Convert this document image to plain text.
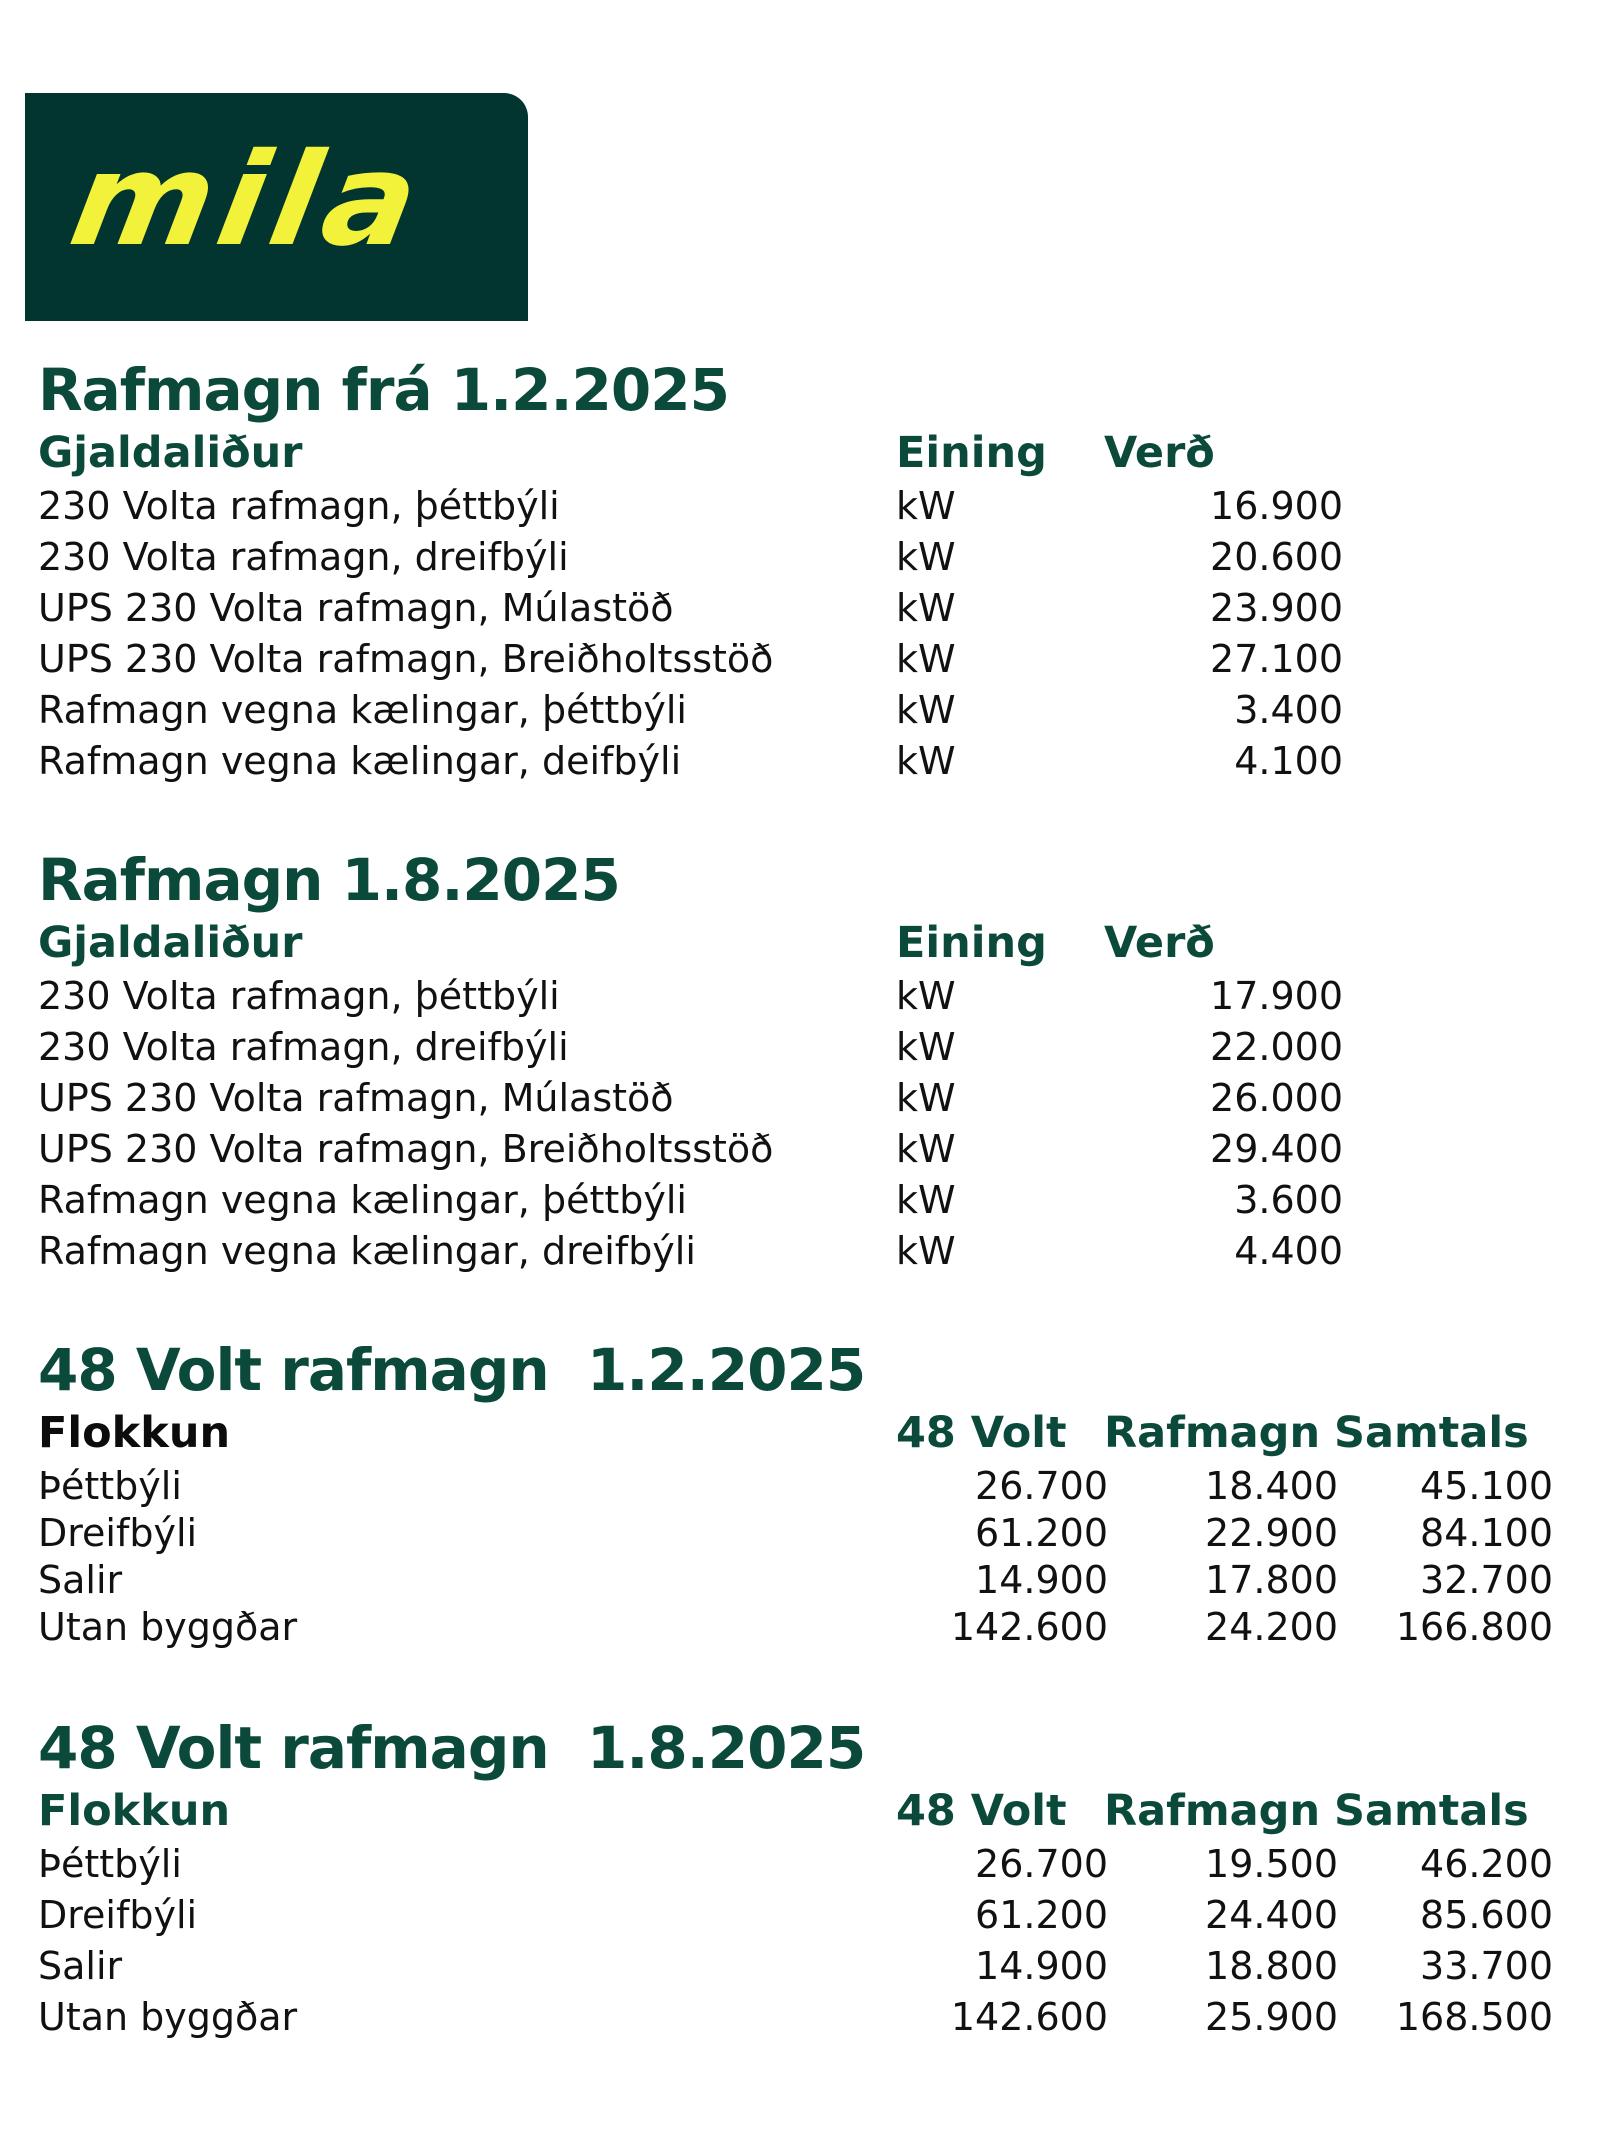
mila
Rafmagn frá 1.2.2025
Gjaldaliður	Eining Verð
230 Volta rafmagn, þéttbýli	kW	16.900
230 Volta rafmagn, dreifbýli	kW	20.600
UPS 230 Volta rafmagn, Múlastöð	kW	23.900
UPS 230 Volta rafmagn, Breiðholtsstöð	kW	27.100
Rafmagn vegna kælingar, þéttbýli	kW	3.400
Rafmagn vegna kælingar, deifbýli	kW	4.100
Rafmagn 1.8.2025
Gjaldaliður	Eining Verð
230 Volta rafmagn, þéttbýli	kW	17.900
230 Volta rafmagn, dreifbýli	kW	22.000
UPS 230 Volta rafmagn, Múlastöð	kW	26.000
UPS 230 Volta rafmagn, Breiðholtsstöð	kW	29.400
Rafmagn vegna kælingar, þéttbýli	kW	3.600
Rafmagn vegna kælingar, dreifbýli	kW	4.400
48 Volt rafmagn  1.2.2025
Flokkun	48 Volt Rafmagn Samtals
Þéttbýli	26.700	18.400 45.100
Dreifbýli	61.200	22.900 84.100
Salir	14.900	17.800 32.700
Utan byggðar	142.600	24.200 166.800
48 Volt rafmagn  1.8.2025
Flokkun	48 Volt Rafmagn Samtals
Þéttbýli	26.700	19.500 46.200
Dreifbýli	61.200	24.400 85.600
Salir	14.900	18.800 33.700
Utan byggðar	142.600	25.900 168.500
